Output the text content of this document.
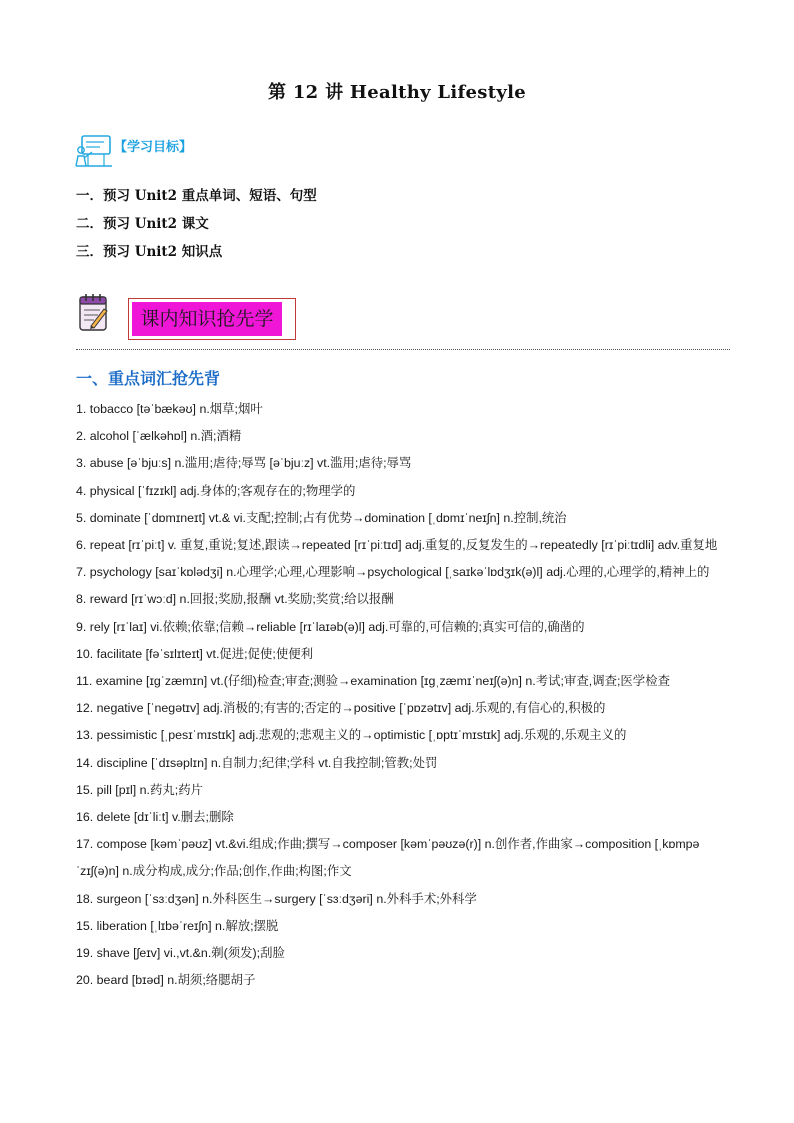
第 12 讲 Healthy Lifestyle
【学习目标】
一．预习 Unit2 重点单词、短语、句型
二．预习 Unit2 课文
三．预习 Unit2 知识点
课内知识抢先学
一、重点词汇抢先背

1. tobacco [təˈbækəʊ] n.烟草;烟叶

2. alcohol [ˈælkəhɒl] n.酒;酒精

3. abuse [əˈbjuːs] n.滥用;虐待;辱骂 [əˈbjuːz] vt.滥用;虐待;辱骂

4. physical [ˈfɪzɪkl] adj.身体的;客观存在的;物理学的

5. dominate [ˈdɒmɪneɪt] vt.& vi.支配;控制;占有优势→domination [ˌdɒmɪˈneɪʃn] n.控制,统治

6. repeat [rɪˈpiːt] v. 重复,重说;复述,跟读→repeated [rɪˈpiːtɪd] adj.重复的,反复发生的→repeatedly [rɪˈpiːtɪdli] adv.重复地

7. psychology [saɪˈkɒlədʒi] n.心理学;心理,心理影响→psychological [ˌsaɪkəˈlɒdʒɪk(ə)l] adj.心理的,心理学的,精神上的

8. reward [rɪˈwɔːd] n.回报;奖励,报酬 vt.奖励;奖赏;给以报酬

9. rely [rɪˈlaɪ] vi.依赖;依靠;信赖→reliable [rɪˈlaɪəb(ə)l] adj.可靠的,可信赖的;真实可信的,确凿的

10. facilitate [fəˈsɪlɪteɪt] vt.促进;促使;使便利

11. examine [ɪɡˈzæmɪn] vt.(仔细)检查;审查;测验→examination [ɪɡˌzæmɪˈneɪʃ(ə)n] n.考试;审查,调查;医学检查

12. negative [ˈneɡətɪv] adj.消极的;有害的;否定的→positive [ˈpɒzətɪv] adj.乐观的,有信心的,积极的

13. pessimistic [ˌpesɪˈmɪstɪk] adj.悲观的;悲观主义的→optimistic [ˌɒptɪˈmɪstɪk] adj.乐观的,乐观主义的

14. discipline [ˈdɪsəplɪn] n.自制力;纪律;学科 vt.自我控制;管教;处罚

15. pill [pɪl] n.药丸;药片

16. delete [dɪˈliːt] v.删去;删除

17. compose [kəmˈpəʊz] vt.&vi.组成;作曲;撰写→composer [kəmˈpəʊzə(r)] n.创作者,作曲家→composition [ˌkɒmpəˈzɪʃ(ə)n] n.成分构成,成分;作品;创作,作曲;构图;作文

18. surgeon [ˈsɜːdʒən] n.外科医生→surgery [ˈsɜːdʒəri] n.外科手术;外科学

15. liberation [ˌlɪbəˈreɪʃn] n.解放;摆脱

19. shave [ʃeɪv] vi.,vt.&n.剃(须发);刮脸

20. beard [bɪəd] n.胡须;络腮胡子
